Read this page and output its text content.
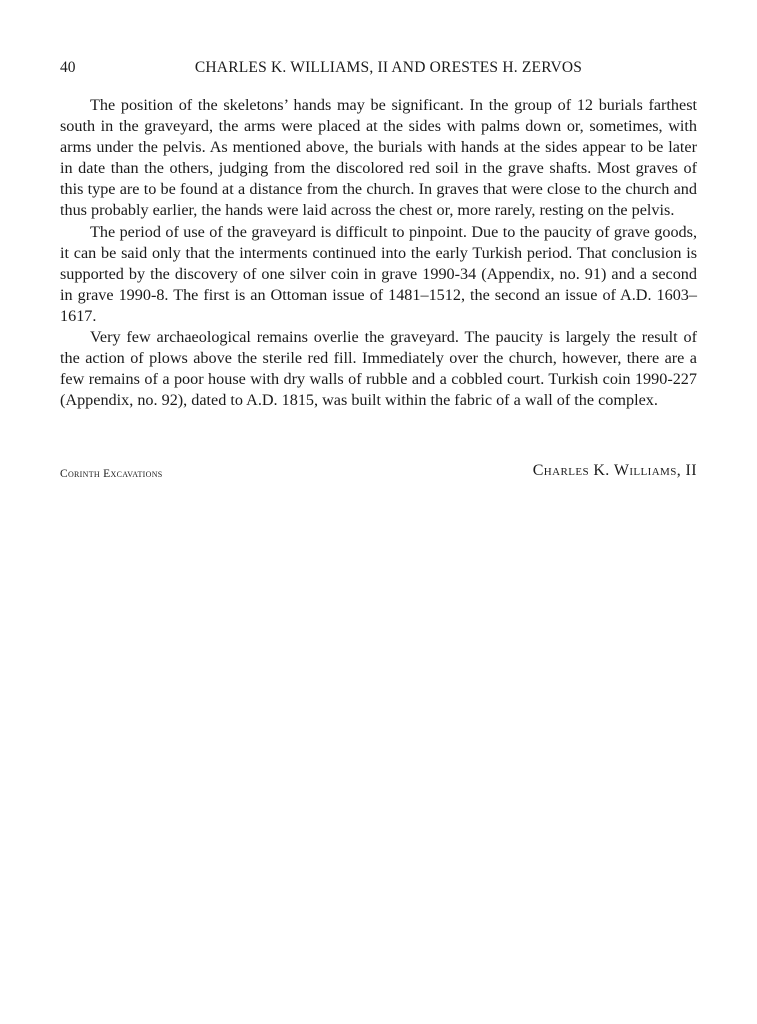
40	CHARLES K. WILLIAMS, II AND ORESTES H. ZERVOS

The position of the skeletons’ hands may be significant. In the group of 12 burials farthest south in the graveyard, the arms were placed at the sides with palms down or, sometimes, with arms under the pelvis. As mentioned above, the burials with hands at the sides appear to be later in date than the others, judging from the discolored red soil in the grave shafts. Most graves of this type are to be found at a distance from the church. In graves that were close to the church and thus probably earlier, the hands were laid across the chest or, more rarely, resting on the pelvis.

The period of use of the graveyard is difficult to pinpoint. Due to the paucity of grave goods, it can be said only that the interments continued into the early Turkish period. That conclusion is supported by the discovery of one silver coin in grave 1990-34 (Appendix, no. 91) and a second in grave 1990-8. The first is an Ottoman issue of 1481–1512, the second an issue of A.D. 1603–1617.

Very few archaeological remains overlie the graveyard. The paucity is largely the result of the action of plows above the sterile red fill. Immediately over the church, however, there are a few remains of a poor house with dry walls of rubble and a cobbled court. Turkish coin 1990-227 (Appendix, no. 92), dated to A.D. 1815, was built within the fabric of a wall of the complex.

Corinth Excavations	Charles K. Williams, II
